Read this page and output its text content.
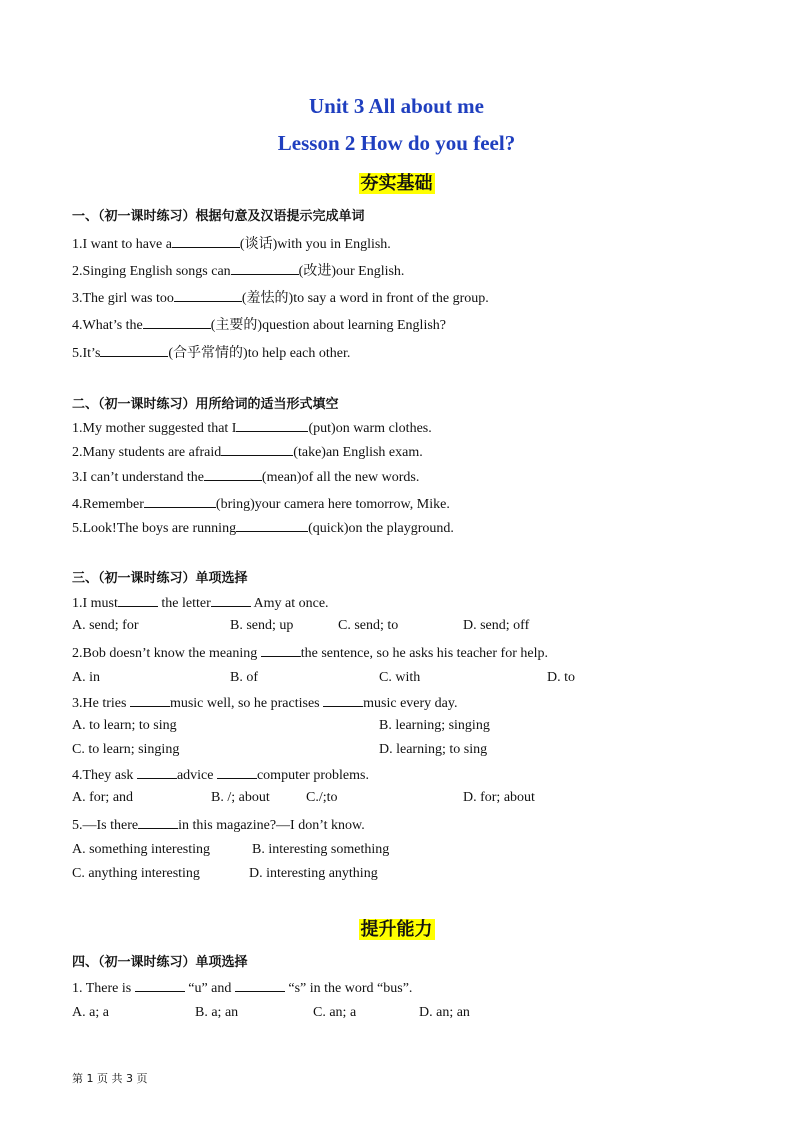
Unit 3 All about me
Lesson 2 How do you feel?
夯实基础
一、（初一课时练习）根据句意及汉语提示完成单词
1.I want to have a	(谈话)with you in English.
2.Singing English songs can	(改进)our English.
3.The girl was too	(羞怯的)to say a word in front of the group.
4.What’s the	(主要的)question about learning English?
5.It’s	(合乎常情的)to help each other.
二、（初一课时练习）用所给词的适当形式填空
1.My mother suggested that I	(put)on warm clothes.
2.Many students are afraid	(take)an English exam.
3.I can’t understand the	(mean)of all the new words.
4.Remember	(bring)your camera here tomorrow, Mike.
5.Look!The boys are running	(quick)on the playground.
三、（初一课时练习）单项选择
1.I must	the letter	Amy at once.
A. send; for	B. send; up	C. send; to	D. send; off
2.Bob doesn’t know the meaning	the sentence, so he asks his teacher for help.
A. in	B. of	C. with	D. to
3.He tries	music well, so he practises	music every day.
A. to learn; to sing	B. learning; singing
C. to learn; singing	D. learning; to sing
4.They ask	advice	computer problems.
A. for; and	B. /; about	C./;to	D. for; about
5.—Is there	in this magazine?—I don’t know.
A. something interesting	B. interesting something
C. anything interesting	D. interesting anything
提升能力
四、（初一课时练习）单项选择
1. There is	“u” and	“s” in the word “bus”.
A. a; a	B. a; an	C. an; a	D. an; an
第 1 页 共 3 页
